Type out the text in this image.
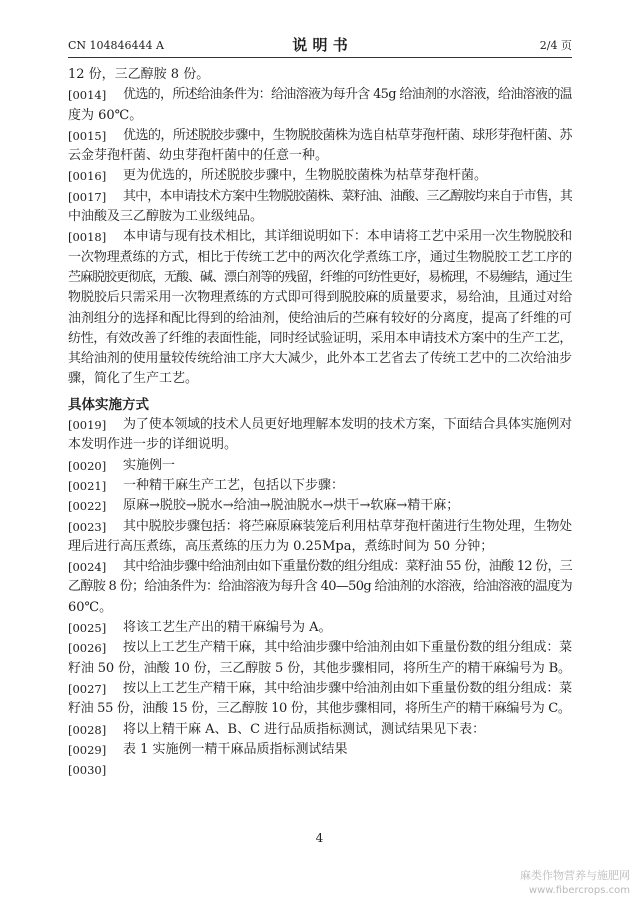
CN 104846444 A	说 明 书	2/4 页
12 份，三乙醇胺 8 份。
[0014]	优选的，所述给油条件为：给油溶液为每升含 45g 给油剂的水溶液，给油溶液的温
度为 60℃。
[0015]	优选的，所述脱胶步骤中，生物脱胶菌株为选自枯草芽孢杆菌、球形芽孢杆菌、苏
云金芽孢杆菌、幼虫芽孢杆菌中的任意一种。
[0016]	更为优选的，所述脱胶步骤中，生物脱胶菌株为枯草芽孢杆菌。
[0017]	其中，本申请技术方案中生物脱胶菌株、菜籽油、油酸、三乙醇胺均来自于市售，其
中油酸及三乙醇胺为工业级纯品。
[0018]	本申请与现有技术相比，其详细说明如下：本申请将工艺中采用一次生物脱胶和
一次物理煮练的方式，相比于传统工艺中的两次化学煮练工序，通过生物脱胶工艺工序的
苎麻脱胶更彻底，无酸、碱、漂白剂等的残留，纤维的可纺性更好，易梳理，不易缠结，通过生
物脱胶后只需采用一次物理煮练的方式即可得到脱胶麻的质量要求，易给油，且通过对给
油剂组分的选择和配比得到的给油剂，使给油后的苎麻有较好的分离度，提高了纤维的可
纺性，有效改善了纤维的表面性能，同时经试验证明，采用本申请技术方案中的生产工艺，
其给油剂的使用量较传统给油工序大大减少，此外本工艺省去了传统工艺中的二次给油步
骤，简化了生产工艺。
具体实施方式
[0019]	为了使本领域的技术人员更好地理解本发明的技术方案，下面结合具体实施例对
本发明作进一步的详细说明。
[0020]	实施例一
[0021]	一种精干麻生产工艺，包括以下步骤：
[0022]	原麻→脱胶→脱水→给油→脱油脱水→烘干→软麻→精干麻；
[0023]	其中脱胶步骤包括：将苎麻原麻装笼后利用枯草芽孢杆菌进行生物处理，生物处
理后进行高压煮练，高压煮练的压力为 0.25Mpa，煮练时间为 50 分钟；
[0024]	其中给油步骤中给油剂由如下重量份数的组分组成：菜籽油 55 份，油酸 12 份，三
乙醇胺 8 份；给油条件为：给油溶液为每升含 40—50g 给油剂的水溶液，给油溶液的温度为
60℃。
[0025]	将该工艺生产出的精干麻编号为 A。
[0026]	按以上工艺生产精干麻，其中给油步骤中给油剂由如下重量份数的组分组成：菜
籽油 50 份，油酸 10 份，三乙醇胺 5 份，其他步骤相同，将所生产的精干麻编号为 B。
[0027]	按以上工艺生产精干麻，其中给油步骤中给油剂由如下重量份数的组分组成：菜
籽油 55 份，油酸 15 份，三乙醇胺 10 份，其他步骤相同，将所生产的精干麻编号为 C。
[0028]	将以上精干麻 A、B、C 进行品质指标测试，测试结果见下表：
[0029]	表 1 实施例一精干麻品质指标测试结果
[0030]
4
麻类作物营养与施肥网
www.fibercrops.com
